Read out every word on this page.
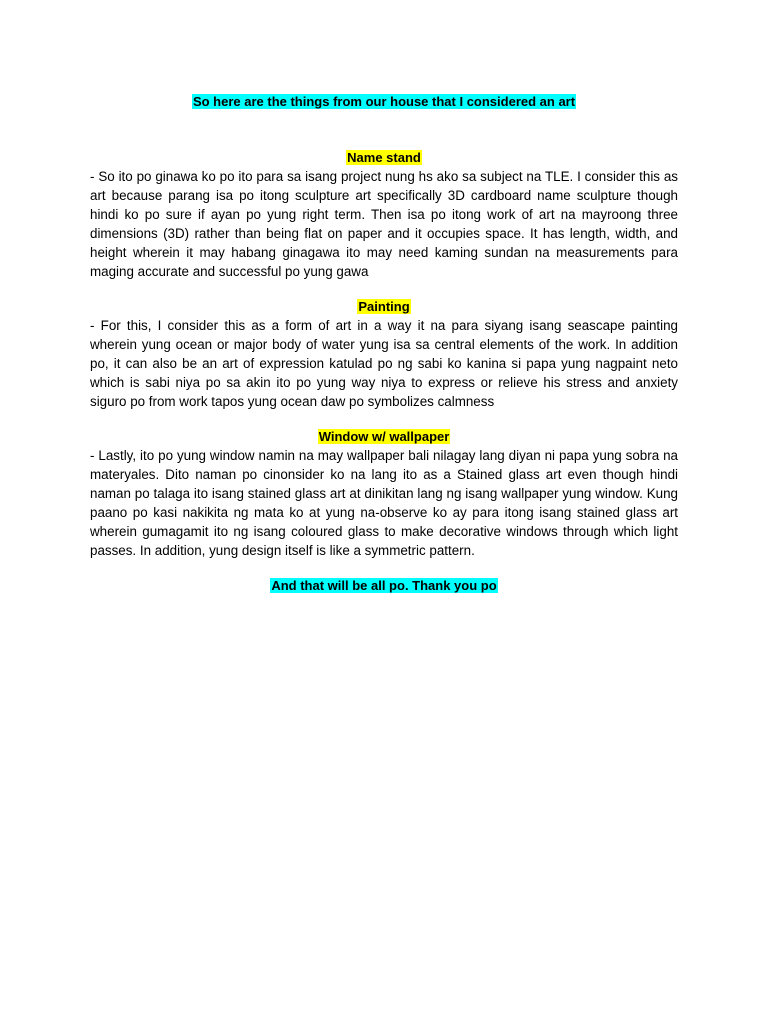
So here are the things from our house that I considered an art
Name stand

- So ito po ginawa ko po ito para sa isang project nung hs ako sa subject na TLE. I consider this as art because parang isa po itong sculpture art specifically 3D cardboard name sculpture though hindi ko po sure if ayan po yung right term. Then isa po itong work of art na mayroong three dimensions (3D) rather than being flat on paper and it occupies space. It has length, width, and height wherein it may habang ginagawa ito may need kaming sundan na measurements para maging accurate and successful po yung gawa

Painting

- For this, I consider this as a form of art in a way it na para siyang isang seascape painting wherein yung ocean or major body of water yung isa sa central elements of the work. In addition po, it can also be an art of expression katulad po ng sabi ko kanina si papa yung nagpaint neto which is sabi niya po sa akin ito po yung way niya to express or relieve his stress and anxiety siguro po from work tapos yung ocean daw po symbolizes calmness

Window w/ wallpaper

- Lastly, ito po yung window namin na may wallpaper bali nilagay lang diyan ni papa yung sobra na materyales. Dito naman po cinonsider ko na lang ito as a Stained glass art even though hindi naman po talaga ito isang stained glass art at dinikitan lang ng isang wallpaper yung window. Kung paano po kasi nakikita ng mata ko at yung na-observe ko ay para itong isang stained glass art wherein gumagamit ito ng isang coloured glass to make decorative windows through which light passes. In addition, yung design itself is like a symmetric pattern.

And that will be all po. Thank you po
